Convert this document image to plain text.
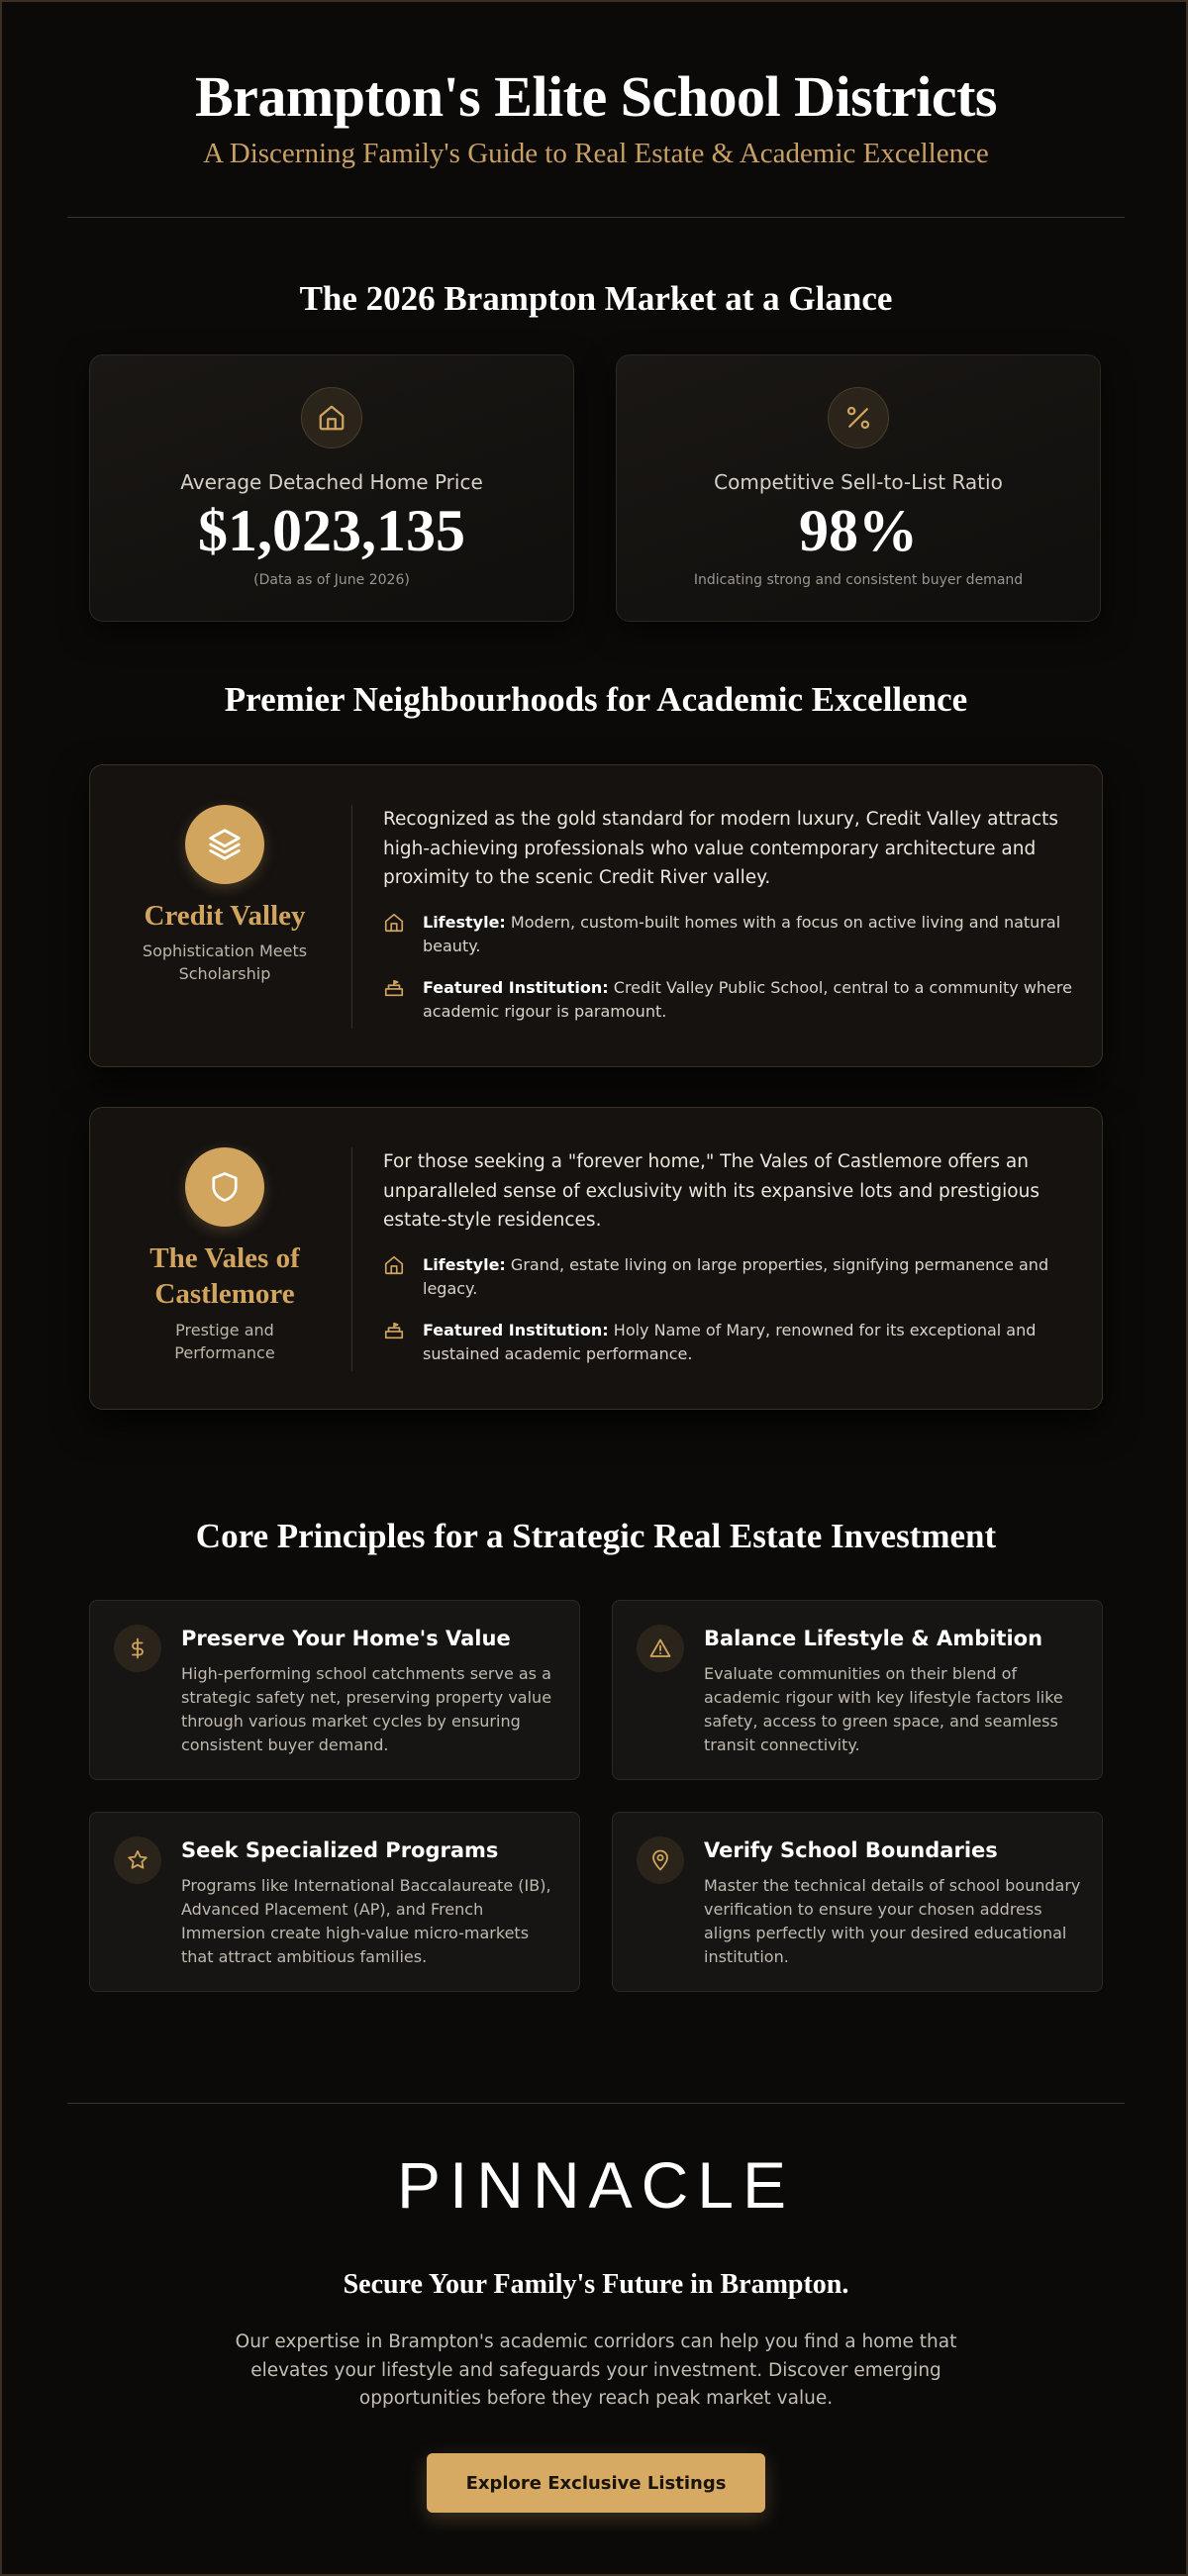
Brampton's Elite School Districts
A Discerning Family's Guide to Real Estate & Academic Excellence
The 2026 Brampton Market at a Glance
Average Detached Home Price
$1,023,135
(Data as of June 2026)
Competitive Sell-to-List Ratio
98%
Indicating strong and consistent buyer demand
Premier Neighbourhoods for Academic Excellence
Credit Valley
Sophistication Meets Scholarship
Recognized as the gold standard for modern luxury, Credit Valley attracts high-achieving professionals who value contemporary architecture and proximity to the scenic Credit River valley.
Lifestyle: Modern, custom-built homes with a focus on active living and natural beauty.
Featured Institution: Credit Valley Public School, central to a community where academic rigour is paramount.
The Vales of Castlemore
Prestige and Performance
For those seeking a "forever home," The Vales of Castlemore offers an unparalleled sense of exclusivity with its expansive lots and prestigious estate-style residences.
Lifestyle: Grand, estate living on large properties, signifying permanence and legacy.
Featured Institution: Holy Name of Mary, renowned for its exceptional and sustained academic performance.
Core Principles for a Strategic Real Estate Investment
Preserve Your Home's Value
High-performing school catchments serve as a strategic safety net, preserving property value through various market cycles by ensuring consistent buyer demand.
Balance Lifestyle & Ambition
Evaluate communities on their blend of academic rigour with key lifestyle factors like safety, access to green space, and seamless transit connectivity.
Seek Specialized Programs
Programs like International Baccalaureate (IB), Advanced Placement (AP), and French Immersion create high-value micro-markets that attract ambitious families.
Verify School Boundaries
Master the technical details of school boundary verification to ensure your chosen address aligns perfectly with your desired educational institution.
PINNACLE
Secure Your Family's Future in Brampton.
Our expertise in Brampton's academic corridors can help you find a home that elevates your lifestyle and safeguards your investment. Discover emerging opportunities before they reach peak market value.
Explore Exclusive Listings
